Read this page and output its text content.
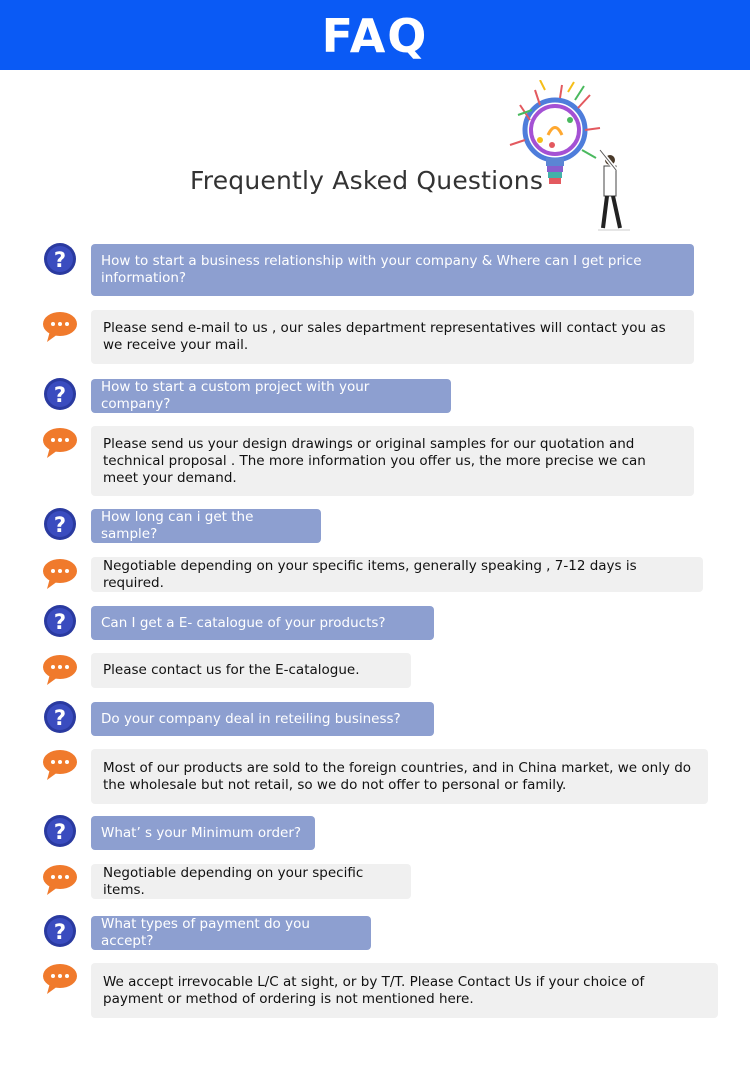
FAQ
Frequently Asked Questions
?	How to start a business relationship with your company & Where can I get price information?
Please send e-mail to us , our sales department representatives will contact you as we receive your mail.
?	How to start a custom project with your company?
Please send us your design drawings or original samples for our quotation and technical proposal . The more information you offer us, the more precise we can meet your demand.
?	How long can i get the sample?
Negotiable depending on your specific items, generally speaking , 7-12 days is required.
?	Can I get a E- catalogue of your products?
Please contact us for the E-catalogue.
?	Do your company deal in reteiling business?
Most of our products are sold to the foreign countries, and in China market, we only do the wholesale but not retail, so we do not offer to personal or family.
?	What’ s your Minimum order?
Negotiable depending on your specific items.
?	What types of payment do you accept?
We accept irrevocable L/C at sight, or by T/T. Please Contact Us if your choice of payment or method of ordering is not mentioned here.
